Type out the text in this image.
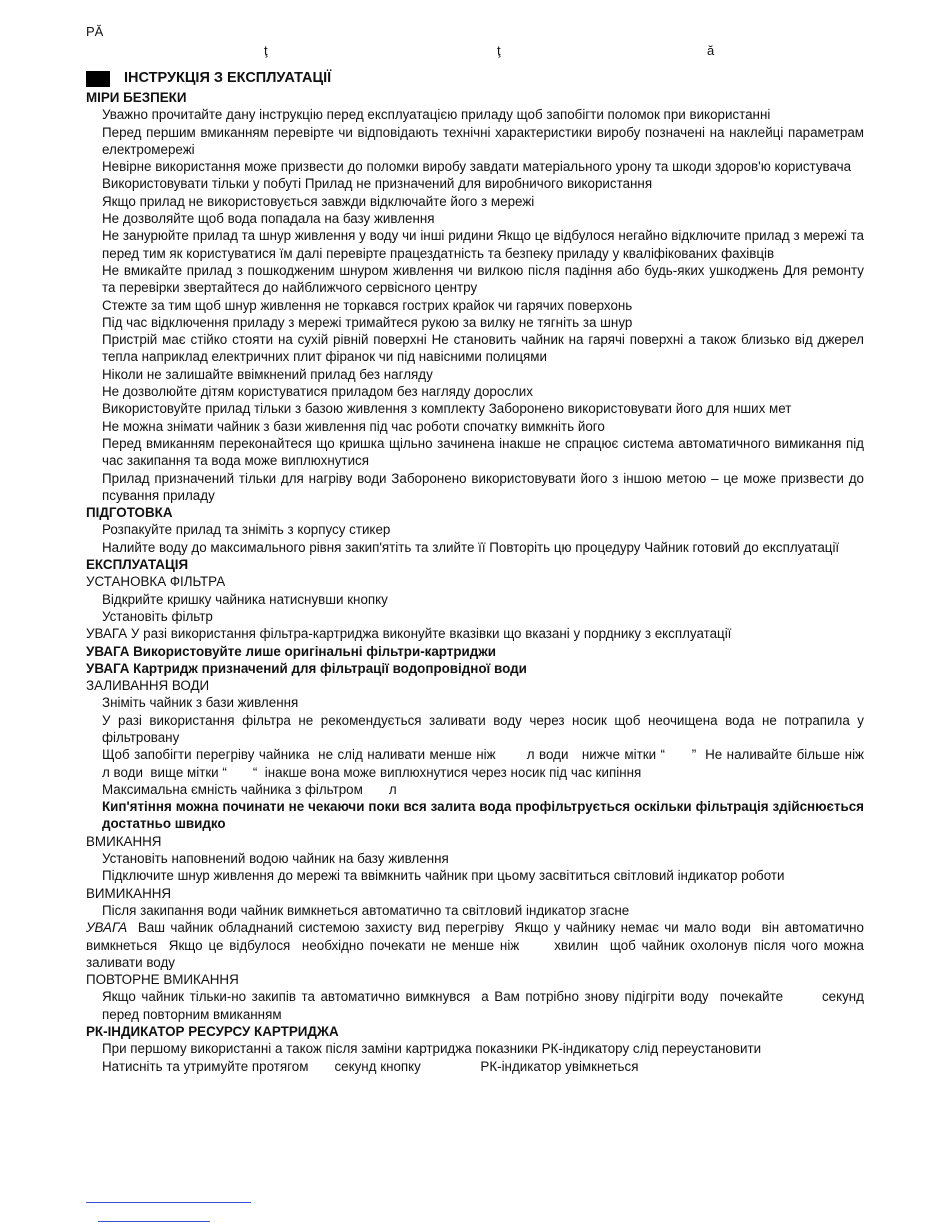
РĂ
ţ	ţ	ă
ІНСТРУКЦІЯ З ЕКСПЛУАТАЦІЇ
МІРИ БЕЗПЕКИ
Уважно прочитайте дану інструкцію перед експлуатацією приладу щоб запобігти поломок при використанні
Перед першим вмиканням перевірте чи відповідають технічні характеристики виробу позначені на наклейці параметрам електромережі
Невірне використання може призвести до поломки виробу завдати матеріального урону та шкоди здоров'ю користувача
Використовувати тільки у побуті Прилад не призначений для виробничого використання
Якщо прилад не використовується завжди відключайте його з мережі
Не дозволяйте щоб вода попадала на базу живлення
Не занурюйте прилад та шнур живлення у воду чи інші ридини Якщо це відбулося негайно відключите прилад з мережі та перед тим як користуватися їм далі перевірте працездатність та безпеку приладу у кваліфікованих фахівців
Не вмикайте прилад з пошкодженим шнуром живлення чи вилкою після падіння або будь-яких ушкоджень Для ремонту та перевірки звертайтеся до найближчого сервісного центру
Стежте за тим щоб шнур живлення не торкався гострих крайок чи гарячих поверхонь
Під час відключення приладу з мережі тримайтеся рукою за вилку не тягніть за шнур
Пристрій має стійко стояти на сухій рівній поверхні Не становить чайник на гарячі поверхні а також близько від джерел тепла наприклад електричних плит фіранок чи під навісними полицями
Ніколи не залишайте ввімкнений прилад без нагляду
Не дозволюйте дітям користуватися приладом без нагляду дорослих
Використовуйте прилад тільки з базою живлення з комплекту Заборонено використовувати його для нших мет
Не можна знімати чайник з бази живлення під час роботи спочатку вимкніть його
Перед вмиканням переконайтеся що кришка щільно зачинена інакше не спрацює система автоматичного вимикання під час закипання та вода може виплюхнутися
Прилад призначений тільки для нагріву води Заборонено використовувати його з іншою метою – це може призвести до псування приладу
ПІДГОТОВКА
Розпакуйте прилад та зніміть з корпусу стикер
Налийте воду до максимального рівня закип'ятіть та злийте її Повторіть цю процедуру Чайник готовий до експлуатації
ЕКСПЛУАТАЦІЯ
УСТАНОВКА ФІЛЬТРА
Відкрийте кришку чайника натиснувши кнопку
Установіть фільтр
УВАГА У разі використання фільтра-картриджа виконуйте вказівки що вказані у порднику з експлуатації
УВАГА Використовуйте лише оригінальні фільтри-картриджи
УВАГА Картридж призначений для фільтрації водопровідної води
ЗАЛИВАННЯ ВОДИ
Зніміть чайник з бази живлення
У разі використання фільтра не рекомендується заливати воду через носик щоб неочищена вода не потрапила у фільтровану
Щоб запобігти перегріву чайника  не слід наливати менше ніж       л води   нижче мітки “      ”  Не наливайте більше ніж       л води  вище мітки “       “  інакше вона може виплюхнутися через носик під час кипіння
Максимальна ємність чайника з фільтром       л
Кип'ятіння можна починати не чекаючи поки вся залита вода профільтрується оскільки фільтрація здійснюється достатньо швидко
ВМИКАННЯ
Установіть наповнений водою чайник на базу живлення
Підключите шнур живлення до мережі та ввімкнить чайник при цьому засвітиться світловий індикатор роботи
ВИМИКАННЯ
Після закипання води чайник вимкнеться автоматично та світловий індикатор згасне
УВАГА  Ваш чайник обладнаний системою захисту вид перегріву  Якщо у чайнику немає чи мало води  він автоматично вимкнеться  Якщо це відбулося  необхідно почекати не менше ніж      хвилин  щоб чайник охолонув після чого можна заливати воду
ПОВТОРНЕ ВМИКАННЯ
Якщо чайник тільки-но закипів та автоматично вимкнувся  а Вам потрібно знову підігріти воду  почекайте       секунд перед повторним вмиканням
РК-ІНДИКАТОР РЕСУРСУ КАРТРИДЖА
При першому використанні а також після заміни картриджа показники РК-індикатору слід переустановити
Натисніть та утримуйте протягом       секунд кнопку                РК-індикатор увімкнеться
